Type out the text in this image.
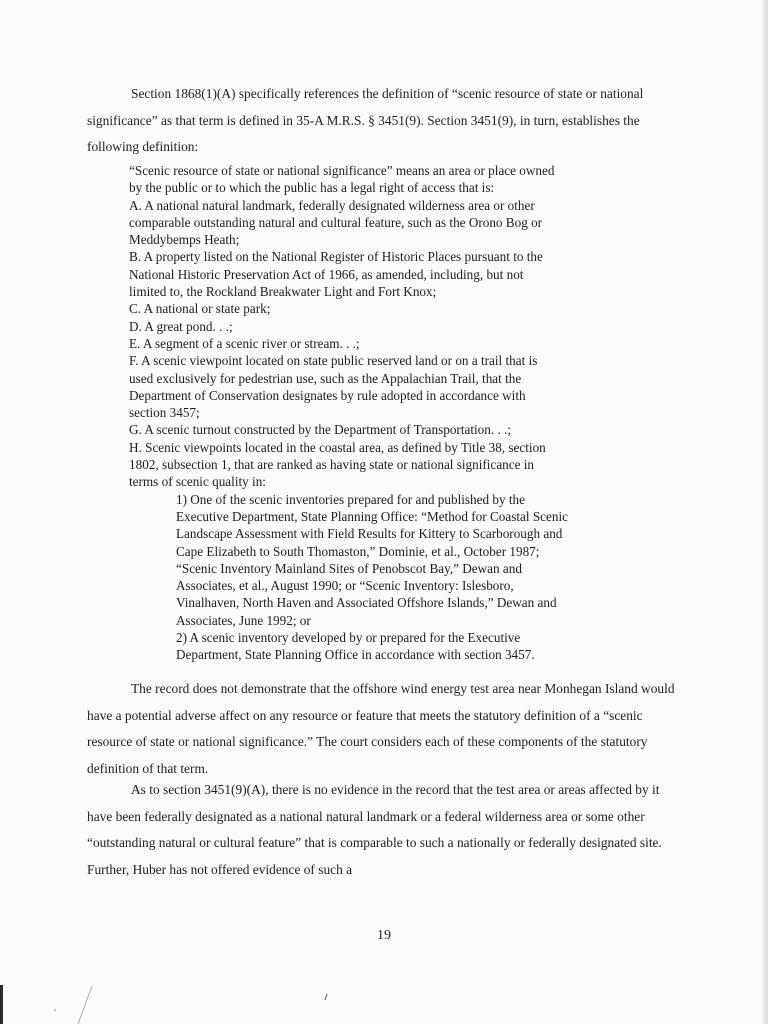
Section 1868(1)(A) specifically references the definition of “scenic resource of state or national significance” as that term is defined in 35-A M.R.S. § 3451(9). Section 3451(9), in turn, establishes the following definition:

“Scenic resource of state or national significance” means an area or place owned
by the public or to which the public has a legal right of access that is:
A. A national natural landmark, federally designated wilderness area or other
comparable outstanding natural and cultural feature, such as the Orono Bog or
Meddybemps Heath;
B. A property listed on the National Register of Historic Places pursuant to the
National Historic Preservation Act of 1966, as amended, including, but not
limited to, the Rockland Breakwater Light and Fort Knox;
C. A national or state park;
D. A great pond. . .;
E. A segment of a scenic river or stream. . .;
F. A scenic viewpoint located on state public reserved land or on a trail that is
used exclusively for pedestrian use, such as the Appalachian Trail, that the
Department of Conservation designates by rule adopted in accordance with
section 3457;
G. A scenic turnout constructed by the Department of Transportation. . .;
H. Scenic viewpoints located in the coastal area, as defined by Title 38, section
1802, subsection 1, that are ranked as having state or national significance in
terms of scenic quality in:
1) One of the scenic inventories prepared for and published by the
Executive Department, State Planning Office: “Method for Coastal Scenic
Landscape Assessment with Field Results for Kittery to Scarborough and
Cape Elizabeth to South Thomaston,” Dominie, et al., October 1987;
“Scenic Inventory Mainland Sites of Penobscot Bay,” Dewan and
Associates, et al., August 1990; or “Scenic Inventory: Islesboro,
Vinalhaven, North Haven and Associated Offshore Islands,” Dewan and
Associates, June 1992; or
2) A scenic inventory developed by or prepared for the Executive
Department, State Planning Office in accordance with section 3457.

The record does not demonstrate that the offshore wind energy test area near Monhegan Island would have a potential adverse affect on any resource or feature that meets the statutory definition of a “scenic resource of state or national significance.” The court considers each of these components of the statutory definition of that term.

As to section 3451(9)(A), there is no evidence in the record that the test area or areas affected by it have been federally designated as a national natural landmark or a federal wilderness area or some other “outstanding natural or cultural feature” that is comparable to such a nationally or federally designated site. Further, Huber has not offered evidence of such a

19
